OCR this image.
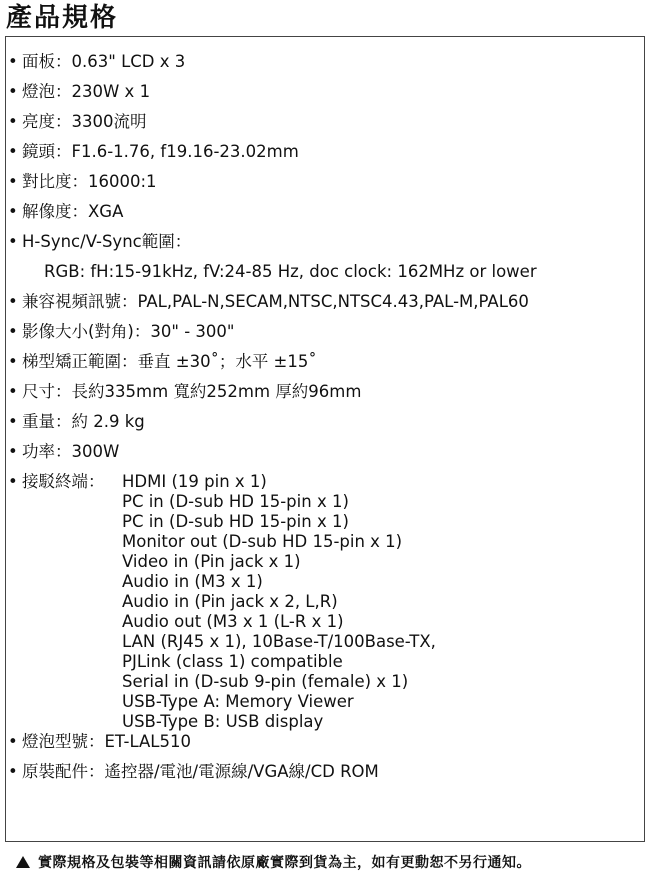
產品規格
• 面板：0.63" LCD x 3
• 燈泡：230W x 1
• 亮度：3300流明
• 鏡頭：F1.6-1.76, f19.16-23.02mm
• 對比度：16000:1
• 解像度：XGA
• H-Sync/V-Sync範圍：
RGB: fH:15-91kHz, fV:24-85 Hz, doc clock: 162MHz or lower
• 兼容視頻訊號：PAL,PAL-N,SECAM,NTSC,NTSC4.43,PAL-M,PAL60
• 影像大小(對角)：30" - 300"
• 梯型矯正範圍：垂直 ±30˚；水平 ±15˚
• 尺寸：長約335mm 寬約252mm 厚約96mm
• 重量：約 2.9 kg
• 功率：300W
• 接駁終端： HDMI (19 pin x 1)
PC in (D-sub HD 15-pin x 1)
PC in (D-sub HD 15-pin x 1)
Monitor out (D-sub HD 15-pin x 1)
Video in (Pin jack x 1)
Audio in (M3 x 1)
Audio in (Pin jack x 2, L,R)
Audio out (M3 x 1 (L-R x 1)
LAN (RJ45 x 1), 10Base-T/100Base-TX,
PJLink (class 1) compatible
Serial in (D-sub 9-pin (female) x 1)
USB-Type A: Memory Viewer
USB-Type B: USB display
• 燈泡型號：ET-LAL510
• 原裝配件：遙控器/電池/電源線/VGA線/CD ROM
實際規格及包裝等相關資訊請依原廠實際到貨為主，如有更動恕不另行通知。
